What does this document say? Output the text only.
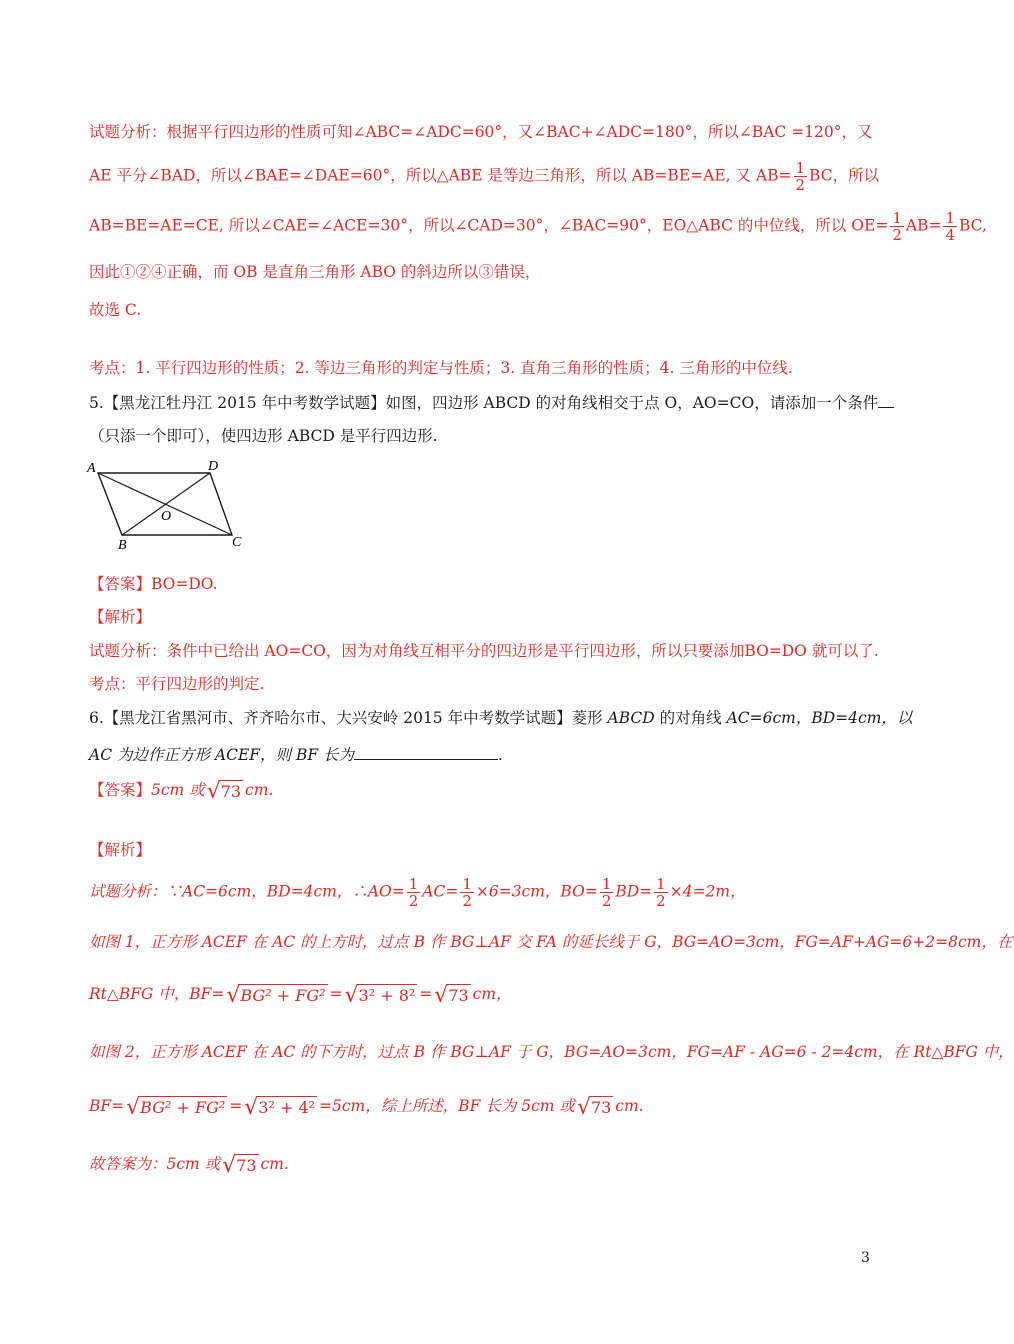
试题分析：根据平行四边形的性质可知∠ABC=∠ADC=60°，又∠BAC+∠ADC=180°，所以∠BAC =120°，又
AE 平分∠BAD，所以∠BAE=∠DAE=60°，所以△ABE 是等边三角形，所以 AB=BE=AE, 又 $AB= \frac{1}{2}$ BC，所以
AB=BE=AE=CE, 所以∠CAE=∠ACE=30°，所以∠CAD=30°，∠BAC=90°，EO△ABC 的中位线，所以 $OE= \frac{1}{2} AB= \frac{1}{4}$ BC,
因此①②④正确，而 OB 是直角三角形 ABO 的斜边所以③错误，
故选 C.
考点：1. 平行四边形的性质；2. 等边三角形的判定与性质；3. 直角三角形的性质；4. 三角形的中位线.
5.【黑龙江牡丹江 2015 年中考数学试题】如图，四边形 ABCD 的对角线相交于点 O，AO=CO，请添加一个条件
（只添一个即可），使四边形 ABCD 是平行四边形.
A	D
O
B	C
【答案】BO=DO.
【解析】
试题分析：条件中已给出 AO=CO，因为对角线互相平分的四边形是平行四边形，所以只要添加BO=DO 就可以了.
考点：平行四边形的判定.
6.【黑龙江省黑河市、齐齐哈尔市、大兴安岭 2015 年中考数学试题】菱形 ABCD 的对角线 AC=6cm，BD=4cm，以
AC 为边作正方形 ACEF，则 BF 长为	.
【答案】5cm 或 √ 73 cm.
【解析】
试题分析：∵AC=6cm，BD=4cm，∴AO= $\frac{1}{2} AC= \frac{1}{2} \times 6=3cm$，$BO= \frac{1}{2} BD= \frac{1}{2} \times 4=2m$，
如图 1，正方形 ACEF 在 AC 的上方时，过点 B 作 BG⊥AF 交 FA 的延长线于 G，BG=AO=3cm，FG=AF+AG=6+2=8cm，在
Rt△BFG 中，BF= √ BG² + FG² = √ 3² + 8² = √ 73 cm，
如图 2，正方形 ACEF 在 AC 的下方时，过点 B 作 BG⊥AF 于 G，BG=AO=3cm，FG=AF - AG=6 - 2=4cm，在 Rt△BFG 中，
BF= √ BG² + FG² = √ 3² + 4² =5cm，综上所述，BF 长为 5cm 或 √ 73 cm.
故答案为：5cm 或 √ 73 cm.
3
